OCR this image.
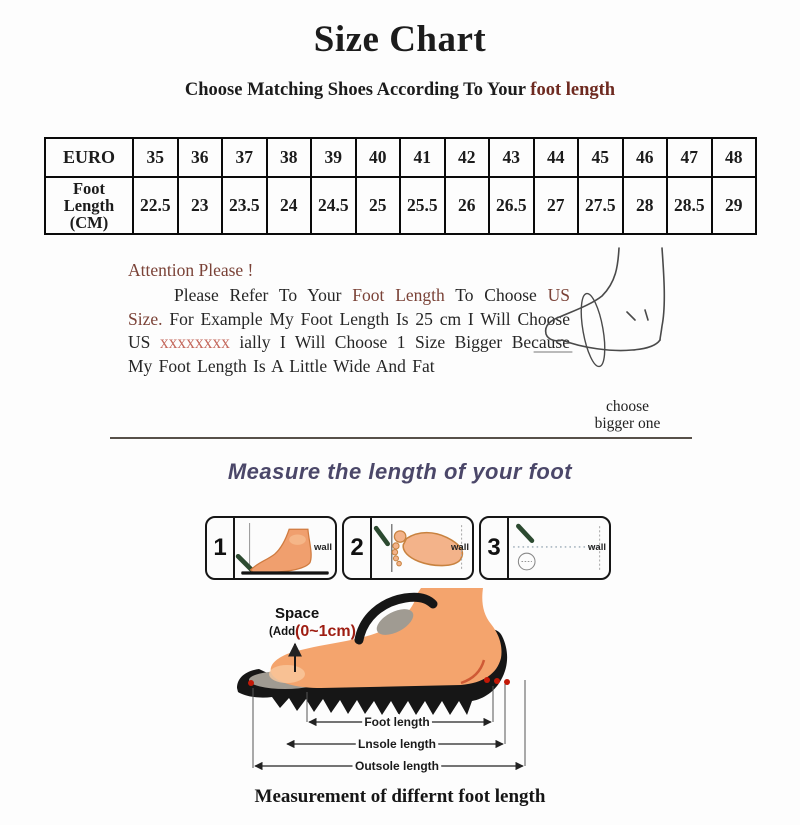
Size Chart
Choose Matching Shoes According To Your foot length
EURO	35	36	37	38	39	40	41	42	43	44	45	46	47	48
Foot Length (CM)	22.5	23	23.5	24	24.5	25	25.5	26	26.5	27	27.5	28	28.5	29
Attention Please !

Please Refer To Your Foot Length To Choose US Size. For Example My Foot Length Is 25 cm I Will Choose US xxxxxxxx ially I Will Choose 1 Size Bigger Because My Foot Length Is A Little Wide And Fat

choose
bigger one
Measure the length of your foot
1	wall 2	wall 3	wall
Space
(Add (0~1cm)
Foot length
Lnsole length
Outsole length
Measurement of differnt foot length
